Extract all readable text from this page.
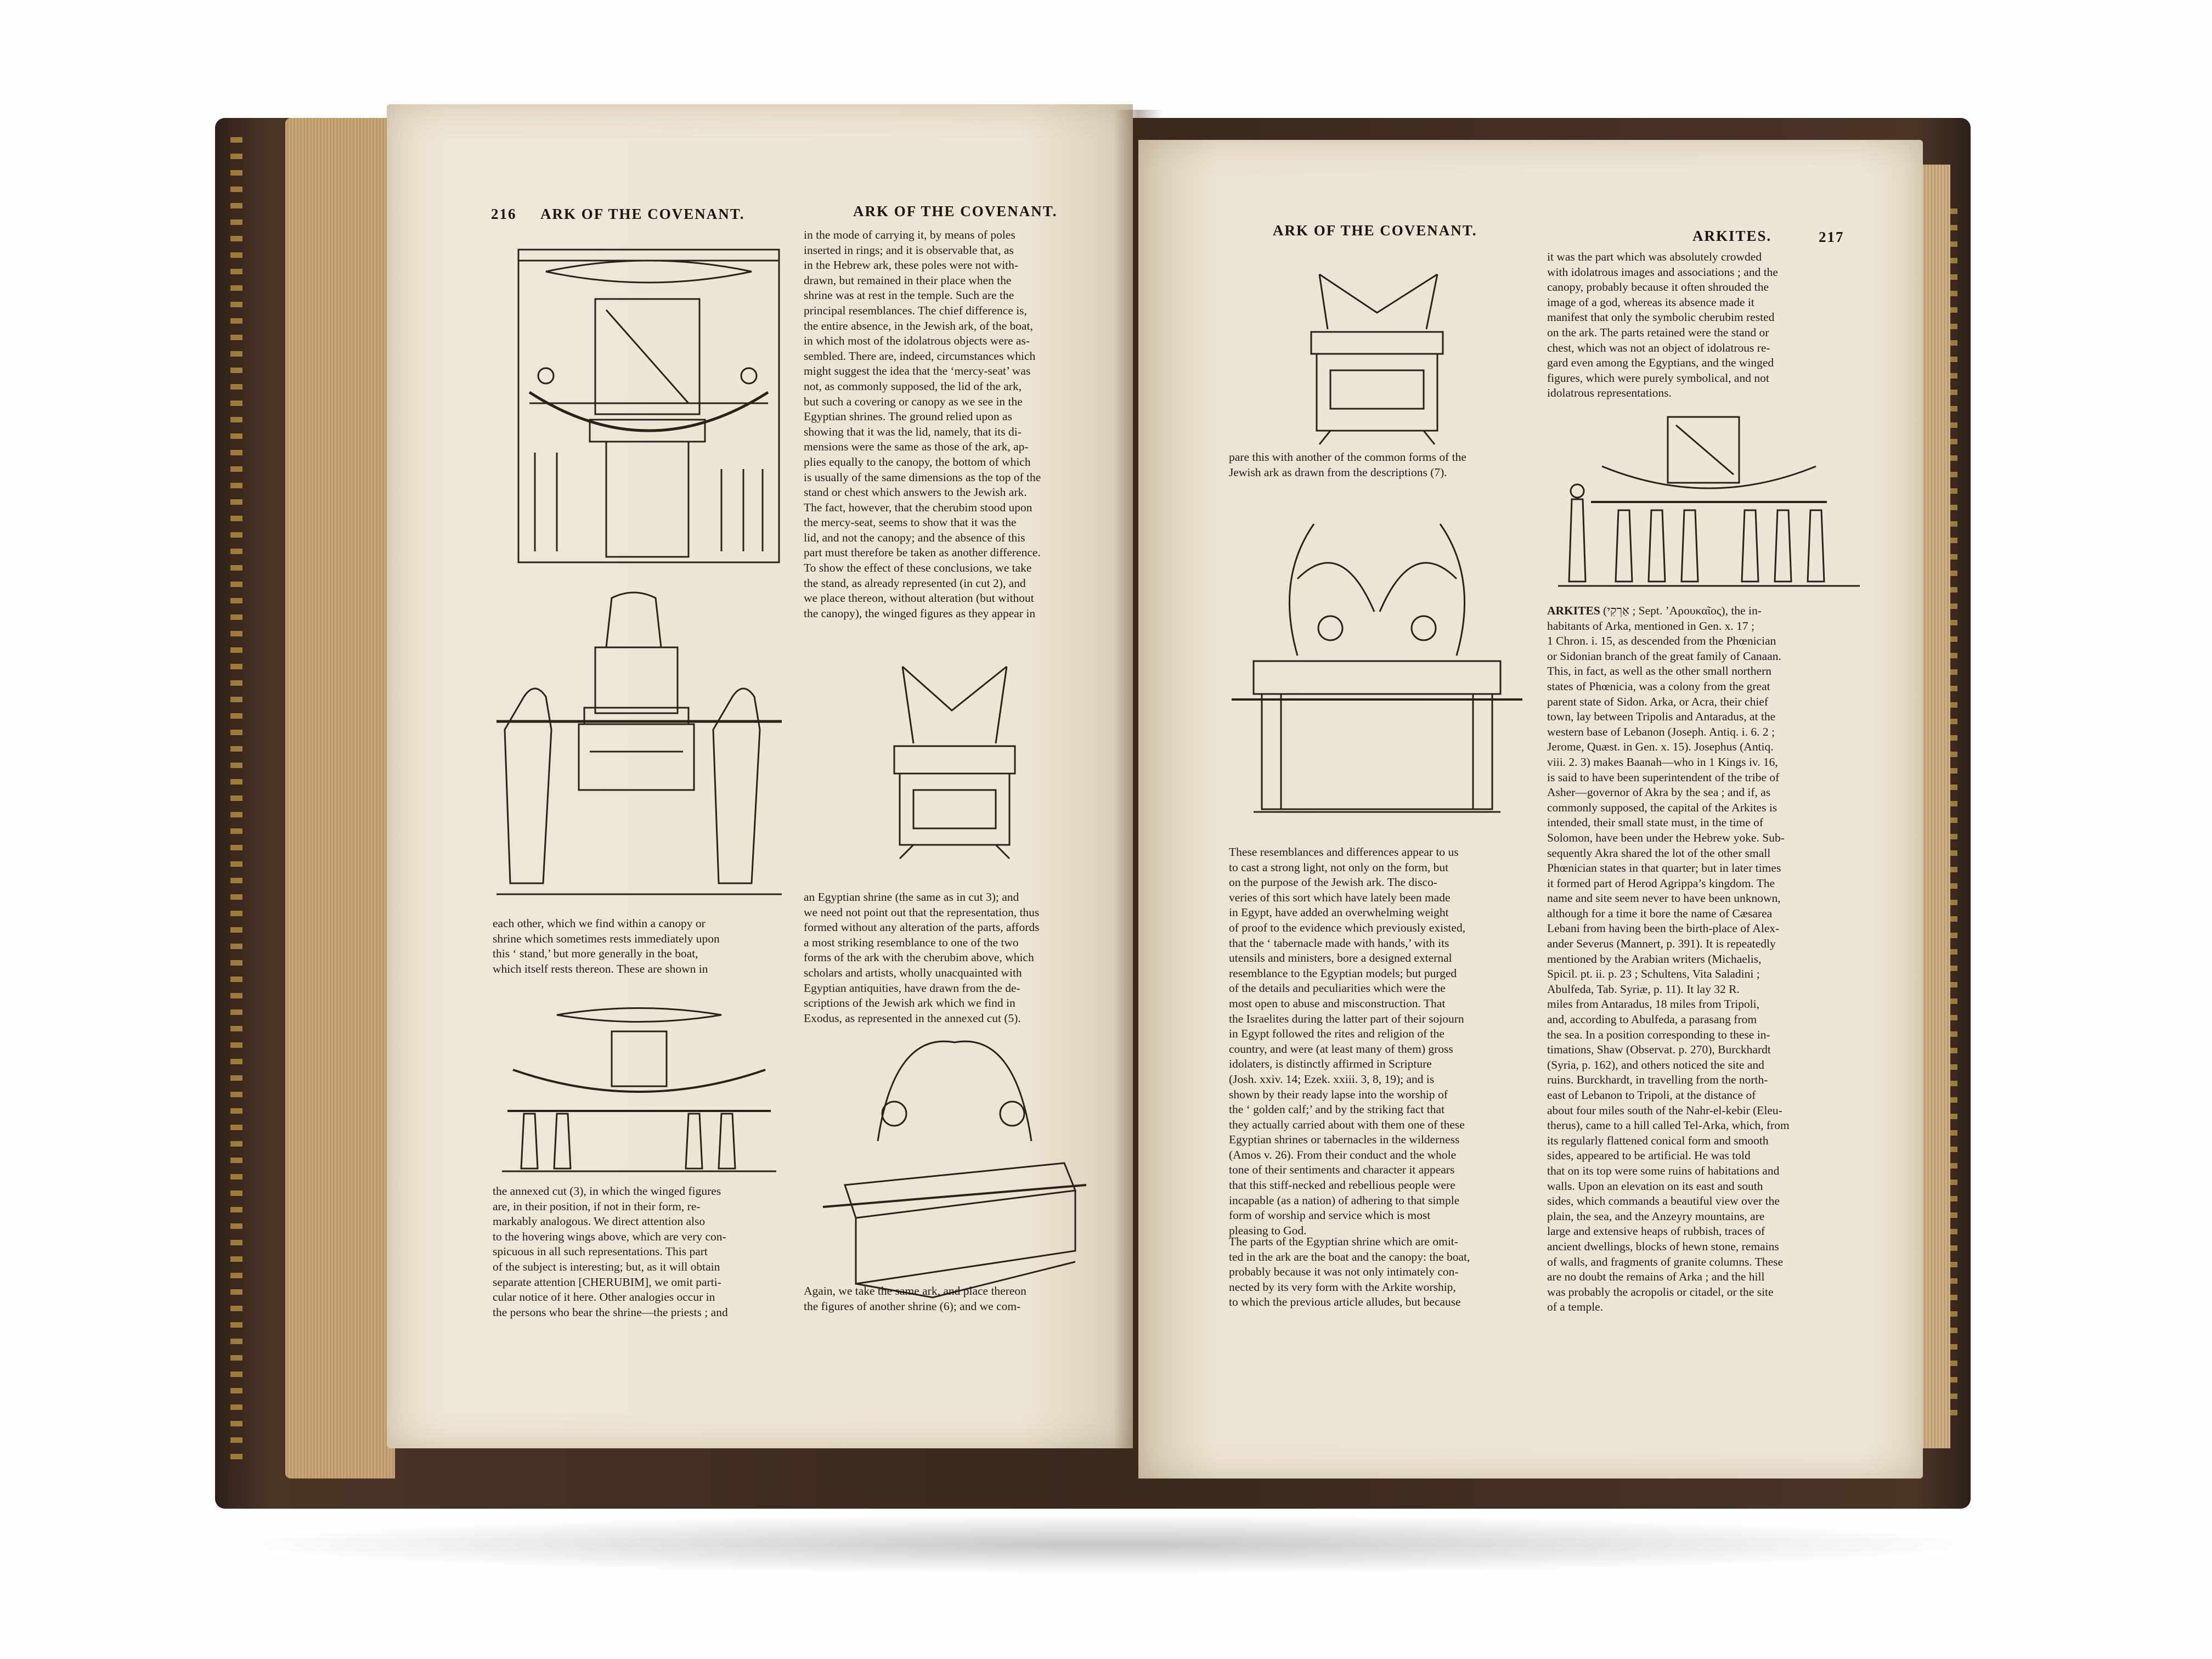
216 ARK OF THE COVENANT.	ARK OF THE COVENANT.
each other, which we find within a canopy or
shrine which sometimes rests immediately upon
this ‘ stand,’ but more generally in the boat,
which itself rests thereon. These are shown in
the annexed cut (3), in which the winged figures
are, in their position, if not in their form, re-
markably analogous. We direct attention also
to the hovering wings above, which are very con-
spicuous in all such representations. This part
of the subject is interesting; but, as it will obtain
separate attention [CHERUBIM], we omit parti-
cular notice of it here. Other analogies occur in
the persons who bear the shrine—the priests ; and
in the mode of carrying it, by means of poles
inserted in rings; and it is observable that, as
in the Hebrew ark, these poles were not with-
drawn, but remained in their place when the
shrine was at rest in the temple. Such are the
principal resemblances. The chief difference is,
the entire absence, in the Jewish ark, of the boat,
in which most of the idolatrous objects were as-
sembled. There are, indeed, circumstances which
might suggest the idea that the ‘mercy-seat’ was
not, as commonly supposed, the lid of the ark,
but such a covering or canopy as we see in the
Egyptian shrines. The ground relied upon as
showing that it was the lid, namely, that its di-
mensions were the same as those of the ark, ap-
plies equally to the canopy, the bottom of which
is usually of the same dimensions as the top of the
stand or chest which answers to the Jewish ark.
The fact, however, that the cherubim stood upon
the mercy-seat, seems to show that it was the
lid, and not the canopy; and the absence of this
part must therefore be taken as another difference.
To show the effect of these conclusions, we take
the stand, as already represented (in cut 2), and
we place thereon, without alteration (but without
the canopy), the winged figures as they appear in
an Egyptian shrine (the same as in cut 3); and
we need not point out that the representation, thus
formed without any alteration of the parts, affords
a most striking resemblance to one of the two
forms of the ark with the cherubim above, which
scholars and artists, wholly unacquainted with
Egyptian antiquities, have drawn from the de-
scriptions of the Jewish ark which we find in
Exodus, as represented in the annexed cut (5).
Again, we take the same ark, and place thereon
the figures of another shrine (6); and we com-
ARK OF THE COVENANT.	ARKITES.	217
pare this with another of the common forms of the
Jewish ark as drawn from the descriptions (7).
These resemblances and differences appear to us
to cast a strong light, not only on the form, but
on the purpose of the Jewish ark. The disco-
veries of this sort which have lately been made
in Egypt, have added an overwhelming weight
of proof to the evidence which previously existed,
that the ‘ tabernacle made with hands,’ with its
utensils and ministers, bore a designed external
resemblance to the Egyptian models; but purged
of the details and peculiarities which were the
most open to abuse and misconstruction. That
the Israelites during the latter part of their sojourn
in Egypt followed the rites and religion of the
country, and were (at least many of them) gross
idolaters, is distinctly affirmed in Scripture
(Josh. xxiv. 14; Ezek. xxiii. 3, 8, 19); and is
shown by their ready lapse into the worship of
the ‘ golden calf;’ and by the striking fact that
they actually carried about with them one of these
Egyptian shrines or tabernacles in the wilderness
(Amos v. 26). From their conduct and the whole
tone of their sentiments and character it appears
that this stiff-necked and rebellious people were
incapable (as a nation) of adhering to that simple
form of worship and service which is most
pleasing to God.
The parts of the Egyptian shrine which are omit-
ted in the ark are the boat and the canopy: the boat,
probably because it was not only intimately con-
nected by its very form with the Arkite worship,
to which the previous article alludes, but because
it was the part which was absolutely crowded
with idolatrous images and associations ; and the
canopy, probably because it often shrouded the
image of a god, whereas its absence made it
manifest that only the symbolic cherubim rested
on the ark. The parts retained were the stand or
chest, which was not an object of idolatrous re-
gard even among the Egyptians, and the winged
figures, which were purely symbolical, and not
idolatrous representations.
ARKITES (אַרְקִי ; Sept. ’Αρουκαῖος), the in-
habitants of Arka, mentioned in Gen. x. 17 ;
1 Chron. i. 15, as descended from the Phœnician
or Sidonian branch of the great family of Canaan.
This, in fact, as well as the other small northern
states of Phœnicia, was a colony from the great
parent state of Sidon. Arka, or Acra, their chief
town, lay between Tripolis and Antaradus, at the
western base of Lebanon (Joseph. Antiq. i. 6. 2 ;
Jerome, Quæst. in Gen. x. 15). Josephus (Antiq.
viii. 2. 3) makes Baanah—who in 1 Kings iv. 16,
is said to have been superintendent of the tribe of
Asher—governor of Akra by the sea ; and if, as
commonly supposed, the capital of the Arkites is
intended, their small state must, in the time of
Solomon, have been under the Hebrew yoke. Sub-
sequently Akra shared the lot of the other small
Phœnician states in that quarter; but in later times
it formed part of Herod Agrippa’s kingdom. The
name and site seem never to have been unknown,
although for a time it bore the name of Cæsarea
Lebani from having been the birth-place of Alex-
ander Severus (Mannert, p. 391). It is repeatedly
mentioned by the Arabian writers (Michaelis,
Spicil. pt. ii. p. 23 ; Schultens, Vita Saladini ;
Abulfeda, Tab. Syriæ, p. 11). It lay 32 R.
miles from Antaradus, 18 miles from Tripoli,
and, according to Abulfeda, a parasang from
the sea. In a position corresponding to these in-
timations, Shaw (Observat. p. 270), Burckhardt
(Syria, p. 162), and others noticed the site and
ruins. Burckhardt, in travelling from the north-
east of Lebanon to Tripoli, at the distance of
about four miles south of the Nahr-el-kebir (Eleu-
therus), came to a hill called Tel-Arka, which, from
its regularly flattened conical form and smooth
sides, appeared to be artificial. He was told
that on its top were some ruins of habitations and
walls. Upon an elevation on its east and south
sides, which commands a beautiful view over the
plain, the sea, and the Anzeyry mountains, are
large and extensive heaps of rubbish, traces of
ancient dwellings, blocks of hewn stone, remains
of walls, and fragments of granite columns. These
are no doubt the remains of Arka ; and the hill
was probably the acropolis or citadel, or the site
of a temple.
